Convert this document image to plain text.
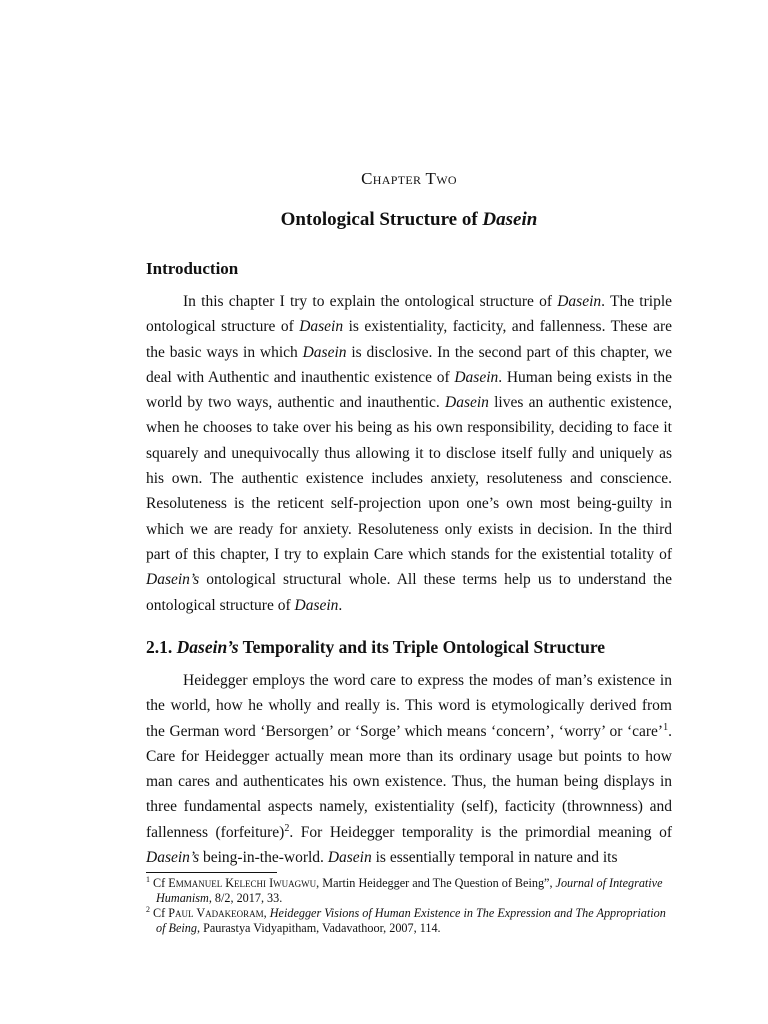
Chapter Two
Ontological Structure of Dasein
Introduction

In this chapter I try to explain the ontological structure of Dasein. The triple ontological structure of Dasein is existentiality, facticity, and fallenness. These are the basic ways in which Dasein is disclosive. In the second part of this chapter, we deal with Authentic and inauthentic existence of Dasein. Human being exists in the world by two ways, authentic and inauthentic. Dasein lives an authentic existence, when he chooses to take over his being as his own responsibility, deciding to face it squarely and unequivocally thus allowing it to disclose itself fully and uniquely as his own. The authentic existence includes anxiety, resoluteness and conscience. Resoluteness is the reticent self-projection upon one’s own most being-guilty in which we are ready for anxiety. Resoluteness only exists in decision. In the third part of this chapter, I try to explain Care which stands for the existential totality of Dasein’s ontological structural whole. All these terms help us to understand the ontological structure of Dasein.

2.1. Dasein’s Temporality and its Triple Ontological Structure

Heidegger employs the word care to express the modes of man’s existence in the world, how he wholly and really is. This word is etymologically derived from the German word ‘Bersorgen’ or ‘Sorge’ which means ‘concern’, ‘worry’ or ‘care’$^1$. Care for Heidegger actually mean more than its ordinary usage but points to how man cares and authenticates his own existence. Thus, the human being displays in three fundamental aspects namely, existentiality (self), facticity (thrownness) and fallenness (forfeiture)$^2$. For Heidegger temporality is the primordial meaning of Dasein’s being-in-the-world. Dasein is essentially temporal in nature and its

$^1$ Cf Emmanuel Kelechi Iwuagwu, Martin Heidegger and The Question of Being”, Journal of Integrative Humanism, 8/2, 2017, 33.

$^2$ Cf Paul Vadakeoram, Heidegger Visions of Human Existence in The Expression and The Appropriation of Being, Paurastya Vidyapitham, Vadavathoor, 2007, 114.
